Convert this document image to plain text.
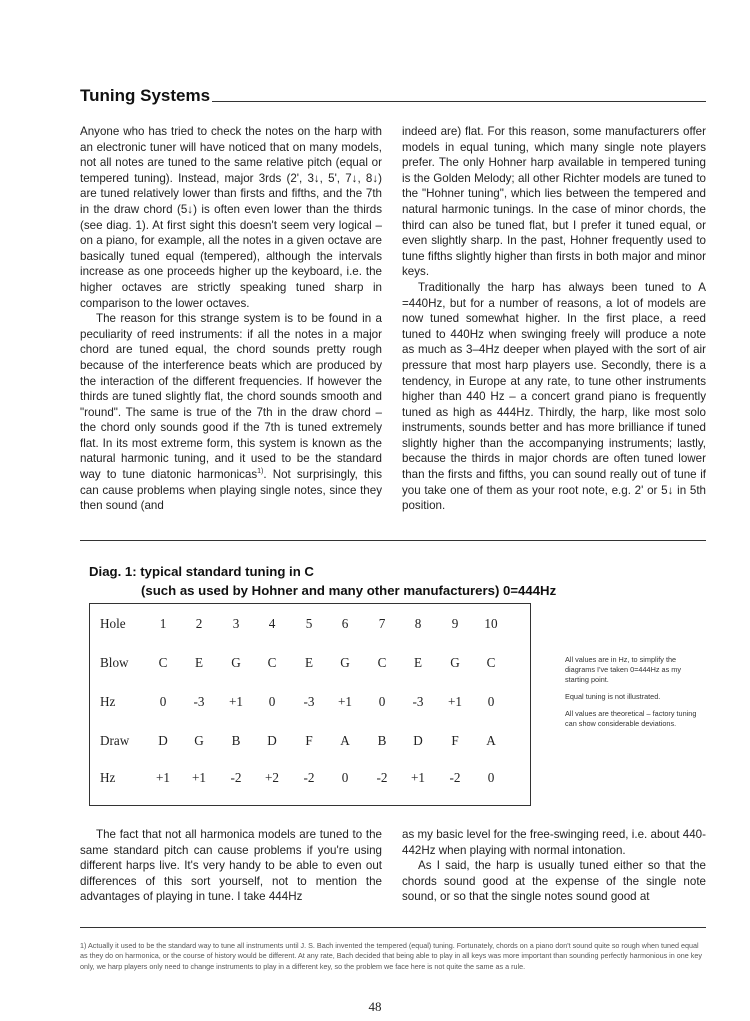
Tuning Systems

Anyone who has tried to check the notes on the harp with an electronic tuner will have noticed that on many models, not all notes are tuned to the same relative pitch (equal or tempered tuning). Instead, major 3rds (2', 3↓, 5', 7↓, 8↓) are tuned relatively lower than firsts and fifths, and the 7th in the draw chord (5↓) is often even lower than the thirds (see diag. 1). At first sight this doesn't seem very logical – on a piano, for example, all the notes in a given octave are basically tuned equal (tempered), although the intervals increase as one proceeds higher up the keyboard, i.e. the higher octaves are strictly speaking tuned sharp in comparison to the lower octaves.

The reason for this strange system is to be found in a peculiarity of reed instruments: if all the notes in a major chord are tuned equal, the chord sounds pretty rough because of the interference beats which are produced by the interaction of the different frequencies. If however the thirds are tuned slightly flat, the chord sounds smooth and "round". The same is true of the 7th in the draw chord – the chord only sounds good if the 7th is tuned extremely flat. In its most extreme form, this system is known as the natural harmonic tuning, and it used to be the standard way to tune diatonic harmonicas$^{1)}$. Not surprisingly, this can cause problems when playing single notes, since they then sound (and

indeed are) flat. For this reason, some manufacturers offer models in equal tuning, which many single note players prefer. The only Hohner harp available in tempered tuning is the Golden Melody; all other Richter models are tuned to the "Hohner tuning", which lies between the tempered and natural harmonic tunings. In the case of minor chords, the third can also be tuned flat, but I prefer it tuned equal, or even slightly sharp. In the past, Hohner frequently used to tune fifths slightly higher than firsts in both major and minor keys.

Traditionally the harp has always been tuned to A =440Hz, but for a number of reasons, a lot of models are now tuned somewhat higher. In the first place, a reed tuned to 440Hz when swinging freely will produce a note as much as 3–4Hz deeper when played with the sort of air pressure that most harp players use. Secondly, there is a tendency, in Europe at any rate, to tune other instruments higher than 440 Hz – a concert grand piano is frequently tuned as high as 444Hz. Thirdly, the harp, like most solo instruments, sounds better and has more brilliance if tuned slightly higher than the accompanying instruments; lastly, because the thirds in major chords are often tuned lower than the firsts and fifths, you can sound really out of tune if you take one of them as your root note, e.g. 2' or 5↓ in 5th position.

Diag. 1: typical standard tuning in C
(such as used by Hohner and many other manufacturers) 0=444Hz
Hole	1	2	3	4	5	6	7	8	9	10
Blow	C	E	G	C	E	G	C	E	G	C
Hz	0	-3	+1	0	-3	+1	0	-3	+1	0
Draw	D	G	B	D	F	A	B	D	F	A
Hz	+1	+1	-2	+2	-2	0	-2	+1	-2	0

All values are in Hz, to simplify the diagrams I've taken 0=444Hz as my starting point.

Equal tuning is not illustrated.

All values are theoretical – factory tuning can show considerable deviations.

The fact that not all harmonica models are tuned to the same standard pitch can cause problems if you're using different harps live. It's very handy to be able to even out differences of this sort yourself, not to mention the advantages of playing in tune. I take 444Hz

as my basic level for the free-swinging reed, i.e. about 440-442Hz when playing with normal intonation.

As I said, the harp is usually tuned either so that the chords sound good at the expense of the single note sound, or so that the single notes sound good at

1) Actually it used to be the standard way to tune all instruments until J. S. Bach invented the tempered (equal) tuning. Fortunately, chords on a piano don't sound quite so rough when tuned equal as they do on harmonica, or the course of history would be different. At any rate, Bach decided that being able to play in all keys was more important than sounding perfectly harmonious in one key only, we harp players only need to change instruments to play in a different key, so the problem we face here is not quite the same as a rule.
48
